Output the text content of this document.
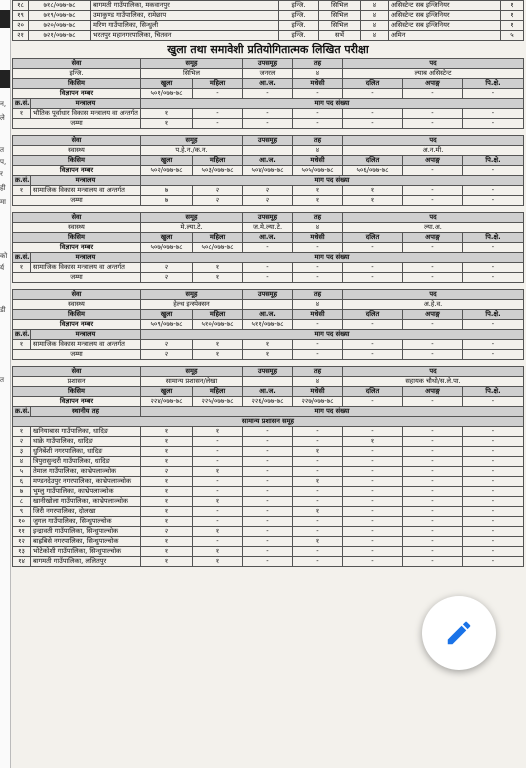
न,
ले
त
प,
र
ही
मा
को
र्य
डी
त
१८	७१८/०७७-७८	बागमती गाउँपालिका, मकवानपुर	इन्जि.	सिभिल	४	असिस्टेन्ट सब इन्जिनियर	१
१९	७१९/०७७-७८	उमाकुण्ड गाउँपालिका, रामेछाप	इन्जि.	सिभिल	४	असिस्टेन्ट सब इन्जिनियर	१
२०	७२०/०७७-७८	मरिण गाउँपालिका, सिन्धुली	इन्जि.	सिभिल	४	असिस्टेन्ट सब इन्जिनियर	१
२१	७२१/०७७-७८	भरतपुर महानगरपालिका, चितवन	इन्जि.	सर्भे	४	अमिन	५
खुला तथा समावेशी प्रतियोगितात्मक लिखित परीक्षा
सेवा		समूह		उपसमूह	तह	पद		
इन्जि.		सिभिल		जनरल	४	ल्याब असिस्टेन्ट		
किसिम		खुला	महिला	आ.ज.	मधेसी	दलित	अपाङ्ग	पि.क्षे.
विज्ञापन नम्बर		५०१/०७७-७८	-	-	-	-	-	-
क्र.सं.	मन्त्रालय	माग पद संख्या						
१	भौतिक पूर्वाधार विकास मन्त्रालय वा अन्तर्गत	१	-	-	-	-	-	-
जम्मा		१	-	-	-	-	-	-
सेवा		समूह		उपसमूह	तह	पद		
स्वास्थ्य		प.हे.न./क.न.			४	अ.न.मी.		
किसिम		खुला	महिला	आ.ज.	मधेसी	दलित	अपाङ्ग	पि.क्षे.
विज्ञापन नम्बर		५०२/०७७-७८	५०३/०७७-७८	५०४/०७७-७८	५०५/०७७-७८	५०६/०७७-७८	-	-
क्र.सं.	मन्त्रालय	माग पद संख्या						
१	सामाजिक विकास मन्त्रालय वा अन्तर्गत	७	२	२	१	१	-	-
जम्मा		७	२	२	१	१	-	-
सेवा		समूह		उपसमूह	तह	पद		
स्वास्थ्य		मे.ल्या.टे.		ज.मे.ल्या.टे.	४	ल्या.अ.		
किसिम		खुला	महिला	आ.ज.	मधेसी	दलित	अपाङ्ग	पि.क्षे.
विज्ञापन नम्बर		५०७/०७७-७८	५०८/०७७-७८	-	-	-	-	-
क्र.सं.	मन्त्रालय	माग पद संख्या						
१	सामाजिक विकास मन्त्रालय वा अन्तर्गत	२	१	-	-	-	-	-
जम्मा		२	१	-	-	-	-	-
सेवा		समूह		उपसमूह	तह	पद		
स्वास्थ्य		हेल्थ इन्स्पेक्सन			४	अ.हे.व.		
किसिम		खुला	महिला	आ.ज.	मधेसी	दलित	अपाङ्ग	पि.क्षे.
विज्ञापन नम्बर		५०९/०७७-७८	५१०/०७७-७८	५११/०७७-७८	-	-	-	-
क्र.सं.	मन्त्रालय	माग पद संख्या						
१	सामाजिक विकास मन्त्रालय वा अन्तर्गत	२	१	१	-	-	-	-
जम्मा		२	१	१	-	-	-	-
सेवा		समूह		उपसमूह	तह	पद		
प्रशासन		सामान्य प्रशासन/लेखा			४	सहायक चौथो/स.ले.पा.		
किसिम		खुला	महिला	आ.ज.	मधेसी	दलित	अपाङ्ग	पि.क्षे.
विज्ञापन नम्बर		२२४/०७७-७८	२२५/०७७-७८	२२६/०७७-७८	२२७/०७७-७८	-	-	-
क्र.सं.	स्थानीय तह	माग पद संख्या						
सामान्य प्रशासन समूह								
१	खनियाबास गाउँपालिका, धादिङ	१	१	-	-	-	-	-
२	थाक्रे गाउँपालिका, धादिङ	१	-	-	-	१	-	-
३	धुनिबेंशी नगरपालिका, धादिङ	१	-	-	१	-	-	-
४	त्रिपुरासुन्दरी गाउँपालिका, धादिङ	१	-	-	-	-	-	-
५	तेमाल गाउँपालिका, काभ्रेपलाञ्चोक	२	१	-	-	-	-	-
६	मण्डनदेउपुर नगरपालिका, काभ्रेपलाञ्चोक	१	-	-	१	-	-	-
७	भुम्लु गाउँपालिका, काभ्रेपलाञ्चोक	१	-	-	-	-	-	-
८	खानीखोला गाउँपालिका, काभ्रेपलाञ्चोक	१	१	-	-	-	-	-
९	जिरी नगरपालिका, दोलखा	१	-	-	१	-	-	-
१०	जुगल गाउँपालिका, सिन्धुपाल्चोक	१	-	-	-	-	-	-
११	इन्द्रावती गाउँपालिका, सिन्धुपाल्चोक	२	१	-	-	-	-	-
१२	बाह्रबिसे नगरपालिका, सिन्धुपाल्चोक	१	-	-	१	-	-	-
१३	भोटेकोशी गाउँपालिका, सिन्धुपाल्चोक	१	१	-	-	-	-	-
१४	बागमती गाउँपालिका, ललितपुर	१	१	-	-	-	-	-
